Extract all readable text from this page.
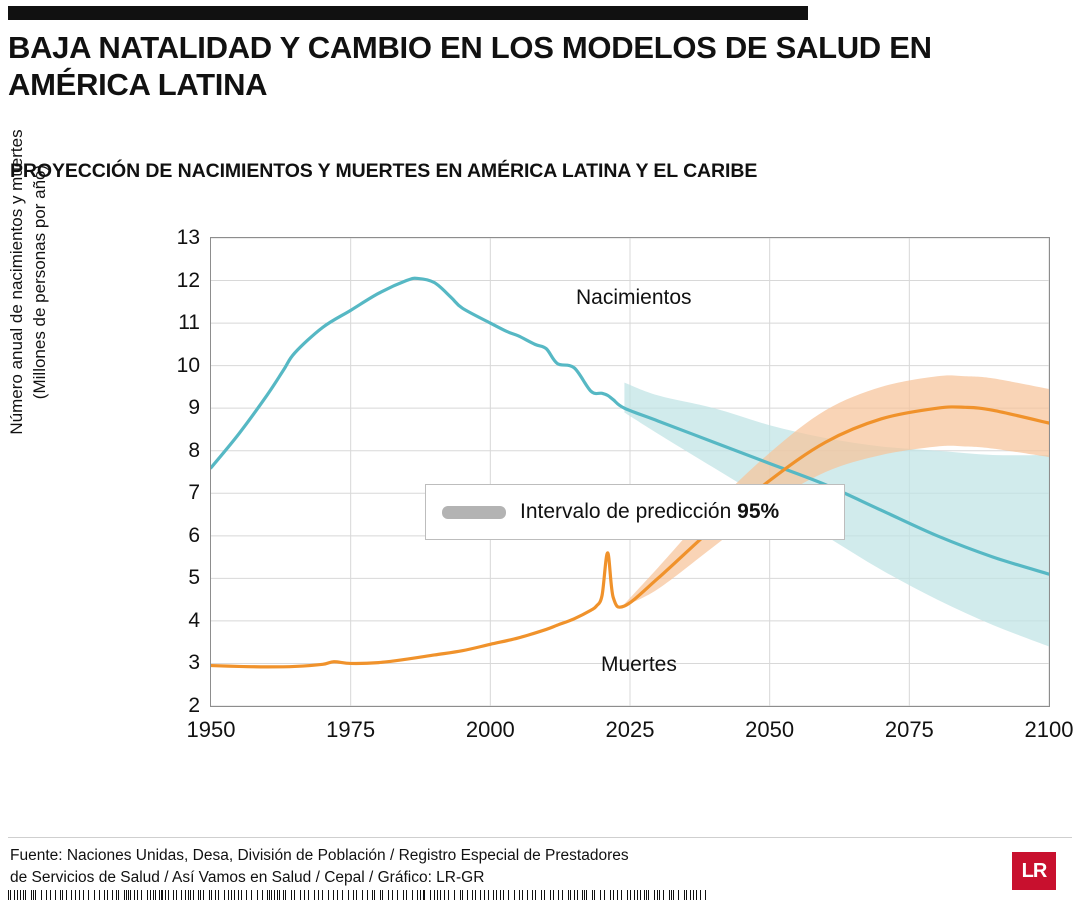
BAJA NATALIDAD Y CAMBIO EN LOS MODELOS DE SALUD EN AMÉRICA LATINA
PROYECCIÓN DE NACIMIENTOS Y MUERTES EN AMÉRICA LATINA Y EL CARIBE
Número anual de nacimientos y muertes (Millones de personas por año)
2
3
4
5
6
7
8
9
10
11
12
13
Nacimientos
Muertes
Intervalo de predicción 95%
1950	1975	2000	2025	2050	2075	2100
Fuente: Naciones Unidas, Desa, División de Población / Registro Especial de Prestadores
de Servicios de Salud / Así Vamos en Salud / Cepal / Gráfico: LR-GR	LR
